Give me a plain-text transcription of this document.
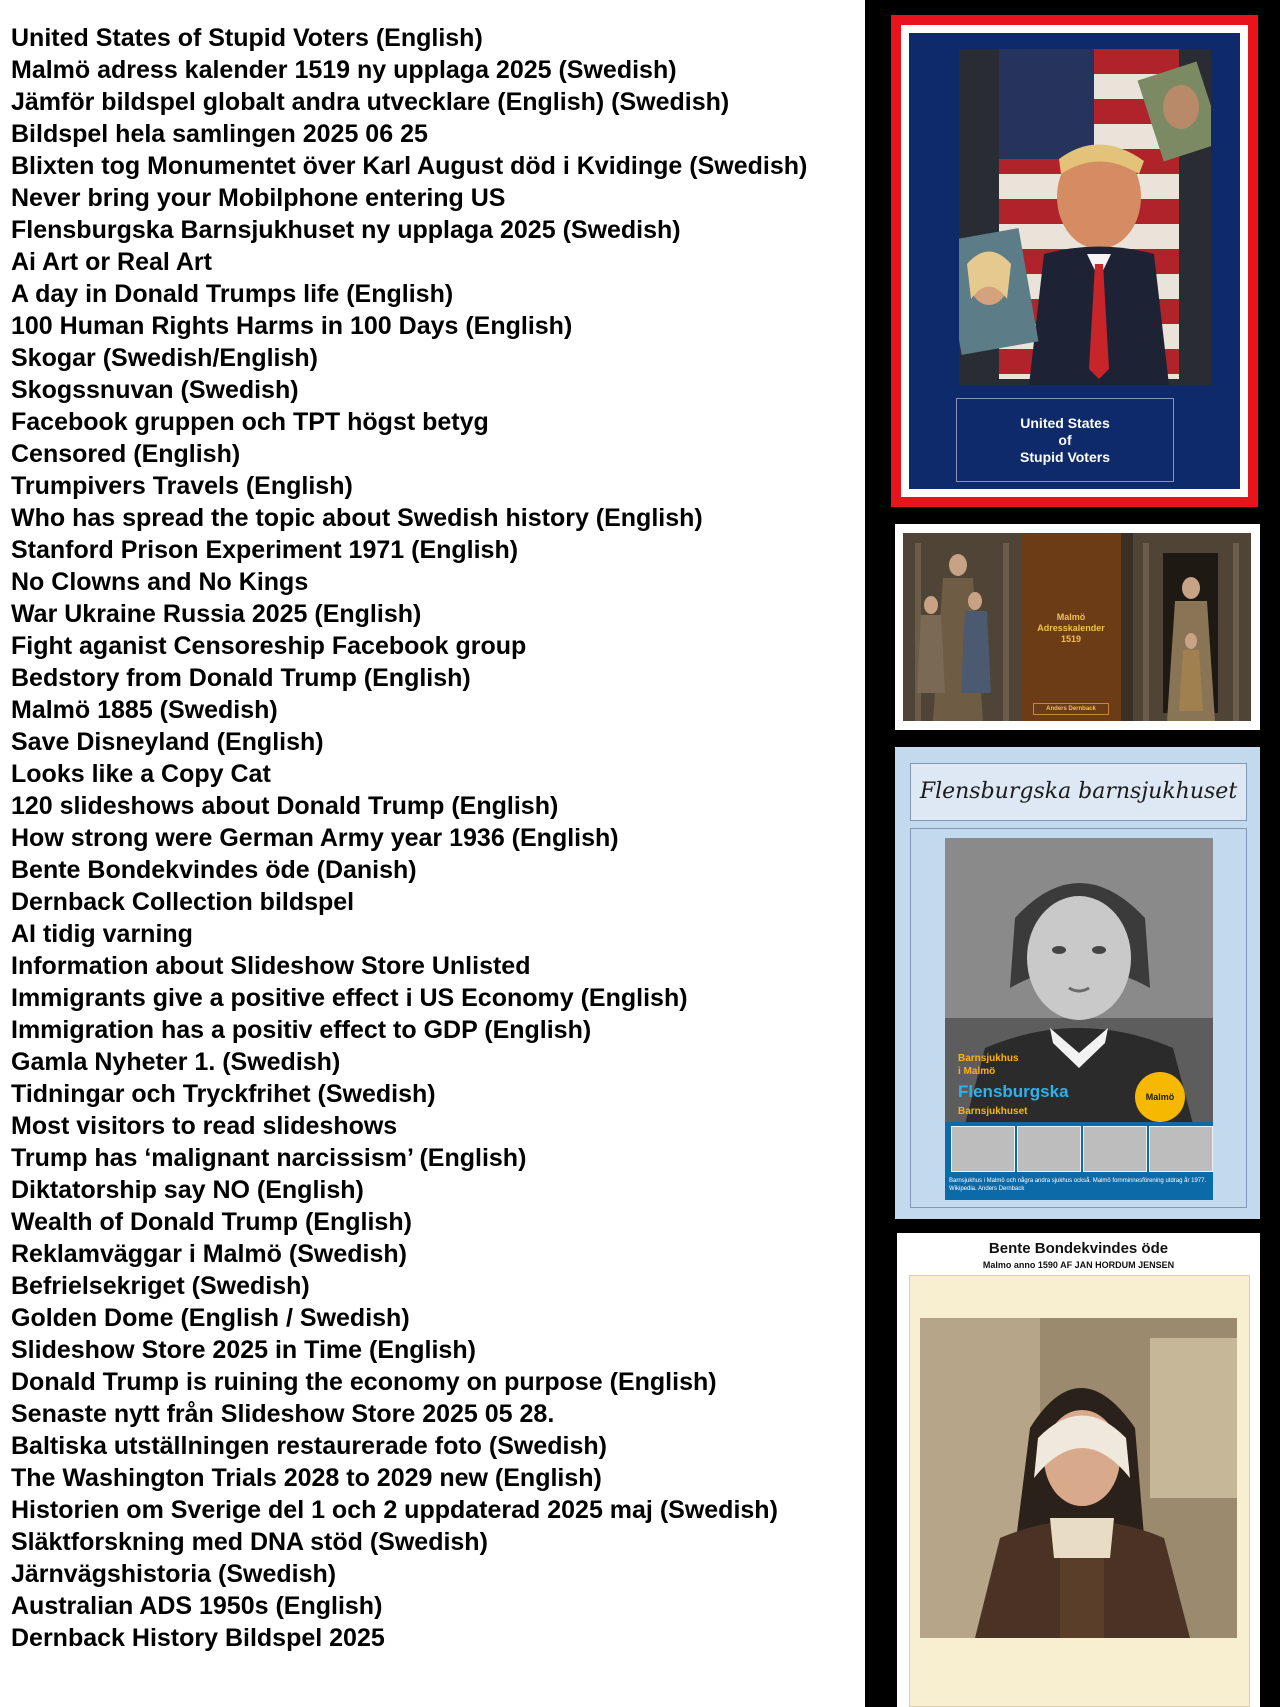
United States of Stupid Voters (English)
Malmö adress kalender 1519 ny upplaga 2025 (Swedish)
Jämför bildspel globalt andra utvecklare (English) (Swedish)
Bildspel hela samlingen 2025 06 25
Blixten tog Monumentet över Karl August död i Kvidinge (Swedish)
Never bring your Mobilphone entering US
Flensburgska Barnsjukhuset ny upplaga 2025 (Swedish)
Ai Art or Real Art
A day in Donald Trumps life (English)
100 Human Rights Harms in 100 Days (English)
Skogar (Swedish/English)
Skogssnuvan (Swedish)
Facebook gruppen och TPT högst betyg
Censored (English)
Trumpivers Travels (English)
Who has spread the topic about Swedish history (English)
Stanford Prison Experiment 1971 (English)
No Clowns and No Kings
War Ukraine Russia 2025 (English)
Fight aganist Censoreship Facebook group
Bedstory from Donald Trump (English)
Malmö 1885 (Swedish)
Save Disneyland (English)
Looks like a Copy Cat
120 slideshows about Donald Trump (English)
How strong were German Army year 1936 (English)
Bente Bondekvindes öde (Danish)
Dernback Collection bildspel
AI tidig varning
Information about Slideshow Store Unlisted
Immigrants give a positive effect i US Economy (English)
Immigration has a positiv effect to GDP (English)
Gamla Nyheter 1. (Swedish)
Tidningar och Tryckfrihet (Swedish)
Most visitors to read slideshows
Trump has ‘malignant narcissism’ (English)
Diktatorship say NO (English)
Wealth of Donald Trump (English)
Reklamväggar i Malmö (Swedish)
Befrielsekriget (Swedish)
Golden Dome (English / Swedish)
Slideshow Store 2025 in Time (English)
Donald Trump is ruining the economy on purpose (English)
Senaste nytt från Slideshow Store 2025 05 28.
Baltiska utställningen restaurerade foto (Swedish)
The Washington Trials 2028 to 2029 new (English)
Historien om Sverige del 1 och 2 uppdaterad 2025 maj (Swedish)
Släktforskning med DNA stöd (Swedish)
Järnvägshistoria (Swedish)
Australian ADS 1950s (English)
Dernback History Bildspel 2025
United States
of
Stupid Voters
Malmö
Adresskalender
1519
Anders Dernback
Flensburgska barnsjukhuset
Barnsjukhus
i Malmö
Flensburgska
Barnsjukhuset
Malmö
Barnsjukhus i Malmö och några andra sjukhus också. Malmö fornminnesförening utdrag år 1977. Wikipedia. Anders Dernback
Bente Bondekvindes öde
Malmo anno 1590 AF JAN HORDUM JENSEN
